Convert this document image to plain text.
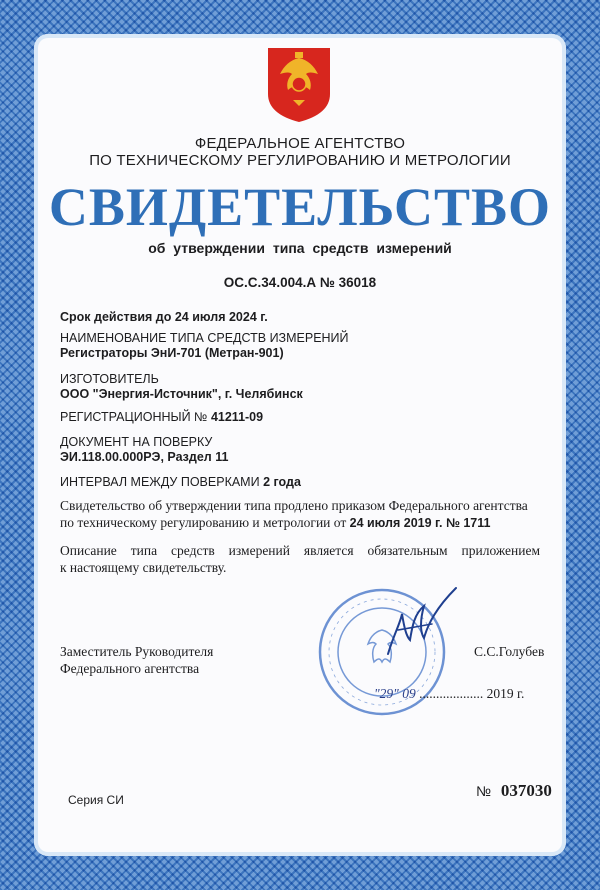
ФЕДЕРАЛЬНОЕ АГЕНТСТВО
ПО ТЕХНИЧЕСКОМУ РЕГУЛИРОВАНИЮ И МЕТРОЛОГИИ
СВИДЕТЕЛЬСТВО
об утверждении типа средств измерений
ОС.С.34.004.А № 36018
Срок действия до 24 июля 2024 г.
НАИМЕНОВАНИЕ ТИПА СРЕДСТВ ИЗМЕРЕНИЙ
Регистраторы ЭнИ-701 (Метран-901)
ИЗГОТОВИТЕЛЬ
ООО "Энергия-Источник", г. Челябинск
РЕГИСТРАЦИОННЫЙ № 41211-09
ДОКУМЕНТ НА ПОВЕРКУ
ЭИ.118.00.000РЭ, Раздел 11
ИНТЕРВАЛ МЕЖДУ ПОВЕРКАМИ 2 года
Свидетельство об утверждении типа продлено приказом Федерального агентства
по техническому регулированию и метрологии от 24 июля 2019 г. № 1711
Описание типа средств измерений является обязательным приложением
к настоящему свидетельству.
Заместитель Руководителя
Федерального агентства
С.С.Голубев
"29" 09 ................... 2019 г.
Серия СИ
№ 037030
